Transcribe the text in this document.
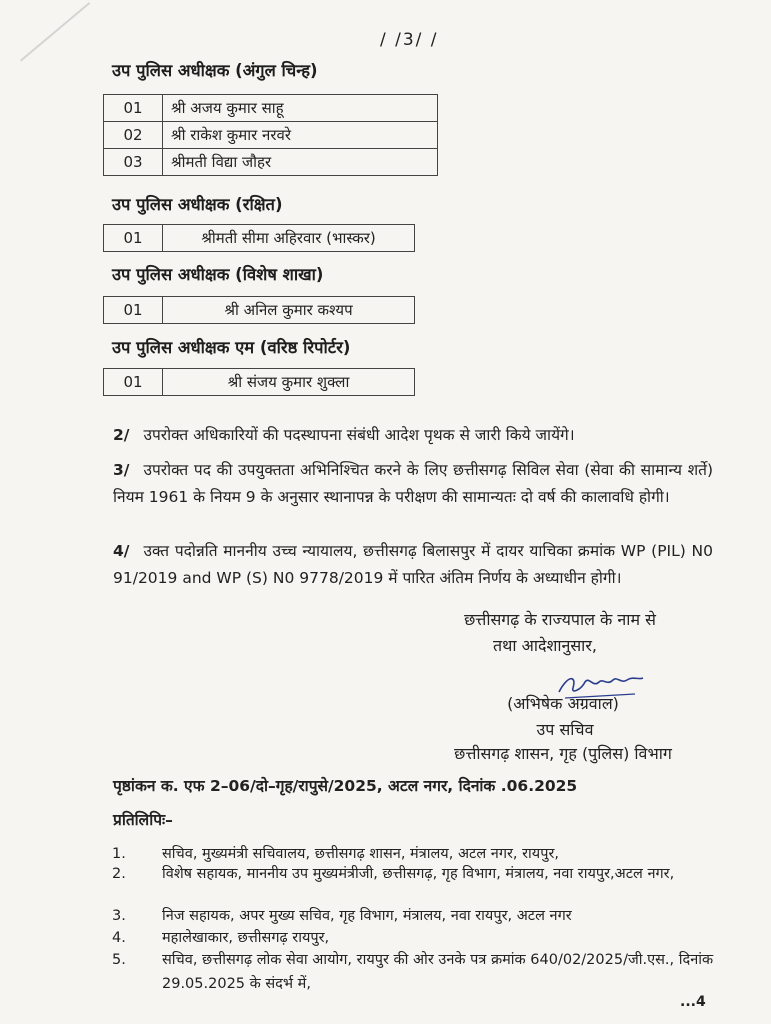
/ /3/ /
उप पुलिस अधीक्षक (अंगुल चिन्ह)
01	श्री अजय कुमार साहू
02	श्री राकेश कुमार नरवरे
03	श्रीमती विद्या जौहर
उप पुलिस अधीक्षक (रक्षित)
01	श्रीमती सीमा अहिरवार (भास्कर)
उप पुलिस अधीक्षक (विशेष शाखा)
01	श्री अनिल कुमार कश्यप
उप पुलिस अधीक्षक एम (वरिष्ठ रिपोर्टर)
01	श्री संजय कुमार शुक्ला
2/ उपरोक्त अधिकारियों की पदस्थापना संबंधी आदेश पृथक से जारी किये जायेंगे।
3/ उपरोक्त पद की उपयुक्तता अभिनिश्चित करने के लिए छत्तीसगढ़ सिविल सेवा (सेवा की सामान्य शर्ते) नियम 1961 के नियम 9 के अनुसार स्थानापन्न के परीक्षण की सामान्यतः दो वर्ष की कालावधि होगी।
4/ उक्त पदोन्नति माननीय उच्च न्यायालय, छत्तीसगढ़ बिलासपुर में दायर याचिका क्रमांक WP (PIL) N0 91/2019 and WP (S) N0 9778/2019 में पारित अंतिम निर्णय के अध्याधीन होगी।
छत्तीसगढ़ के राज्यपाल के नाम से
तथा आदेशानुसार,
(अभिषेक अग्रवाल)
उप सचिव
छत्तीसगढ़ शासन, गृह (पुलिस) विभाग
पृष्ठांकन क. एफ 2–06/दो–गृह/रापुसे/2025, अटल नगर, दिनांक .06.2025
प्रतिलिपिः–
1. सचिव, मुख्यमंत्री सचिवालय, छत्तीसगढ़ शासन, मंत्रालय, अटल नगर, रायपुर,
2. विशेष सहायक, माननीय उप मुख्यमंत्रीजी, छत्तीसगढ़, गृह विभाग, मंत्रालय, नवा रायपुर,अटल नगर,
3. निज सहायक, अपर मुख्य सचिव, गृह विभाग, मंत्रालय, नवा रायपुर, अटल नगर
4. महालेखाकार, छत्तीसगढ़ रायपुर,
5. सचिव, छत्तीसगढ़ लोक सेवा आयोग, रायपुर की ओर उनके पत्र क्रमांक 640/02/2025/जी.एस., दिनांक 29.05.2025 के संदर्भ में,
...4
